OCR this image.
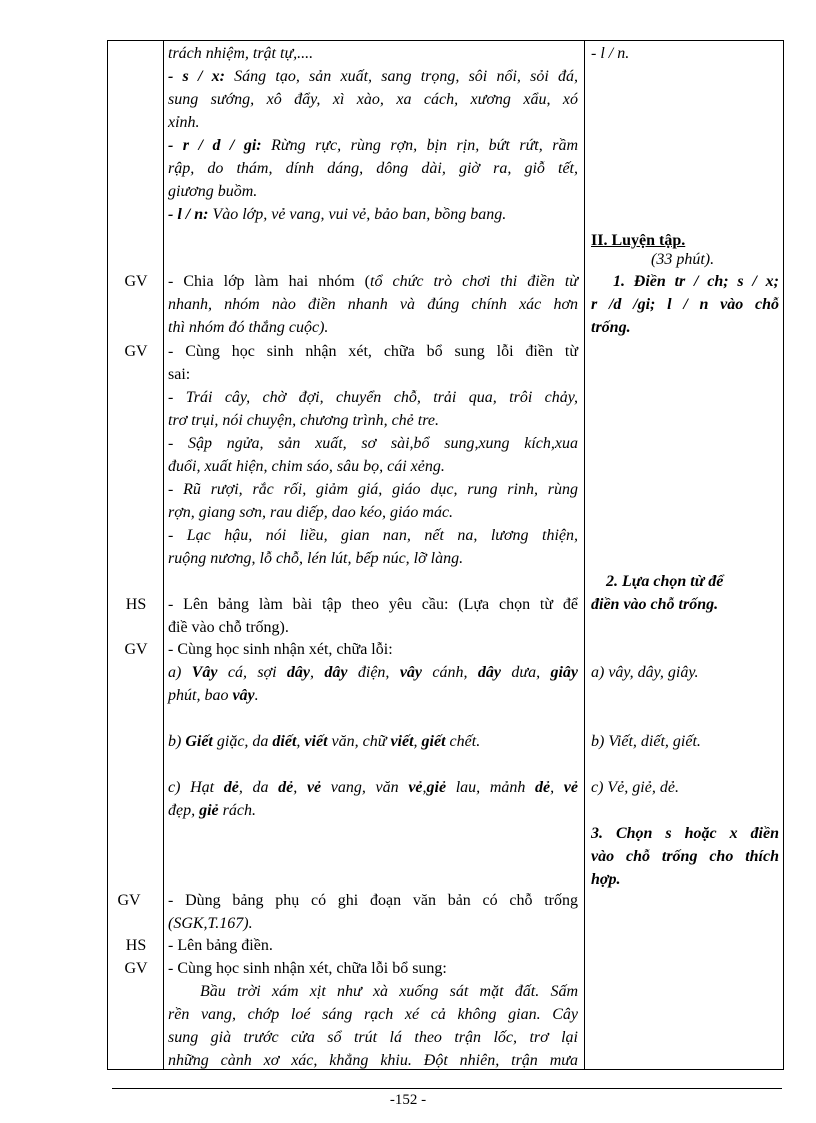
GV
GV
HS
GV
GV
HS
GV
trách nhiệm, trật tự,....
- s / x: Sáng tạo, sản xuất, sang trọng, sôi nổi, sỏi đá,
sung sướng, xô đẩy, xì xào, xa cách, xương xẩu, xó
xỉnh.
- r / d / gi: Rừng rực, rùng rợn, bịn rịn, bứt rứt, rầm
rập, do thám, dính dáng, dông dài, giờ ra, giỗ tết,
giương buồm.
- l / n: Vào lớp, vẻ vang, vui vẻ, bảo ban, bồng bang.
- Chia lớp làm hai nhóm (tổ chức trò chơi thi điền từ
nhanh, nhóm nào điền nhanh và đúng chính xác hơn
thì nhóm đó thắng cuộc).
- Cùng học sinh nhận xét, chữa bổ sung lỗi điền từ
sai:
- Trái cây, chờ đợi, chuyển chỗ, trải qua, trôi chảy,
trơ trụi, nói chuyện, chương trình, chẻ tre.
- Sập ngửa, sản xuất, sơ sài,bổ sung,xung kích,xua
đuổi, xuất hiện, chim sáo, sâu bọ, cái xẻng.
- Rũ rượi, rắc rối, giảm giá, giáo dục, rung rinh, rùng
rợn, giang sơn, rau diếp, dao kéo, giáo mác.
- Lạc hậu, nói liều, gian nan, nết na, lương thiện,
ruộng nương, lỗ chỗ, lén lút, bếp núc, lỡ làng.
- Lên bảng làm bài tập theo yêu cầu: (Lựa chọn từ để
điề vào chỗ trống).
- Cùng học sinh nhận xét, chữa lỗi:
a) Vây cá, sợi dây, dây điện, vây cánh, dây dưa, giây
phút, bao vây.
b) Giết giặc, da diết, viết văn, chữ viết, giết chết.
c) Hạt dẻ, da dẻ, vẻ vang, văn vẻ,giẻ lau, mảnh dẻ, vẻ
đẹp, giẻ rách.
- Dùng bảng phụ có ghi đoạn văn bản có chỗ trống
(SGK,T.167).
- Lên bảng điền.
- Cùng học sinh nhận xét, chữa lỗi bổ sung:
Bầu trời xám xịt như xà xuống sát mặt đất. Sấm
rền vang, chớp loé sáng rạch xé cả không gian. Cây
sung già trước cửa sổ trút lá theo trận lốc, trơ lại
những cành xơ xác, khẳng khiu. Đột nhiên, trận mưa
- l / n.
II. Luyện tập.
(33 phút).
1. Điền tr / ch; s / x;
r /d /gi; l / n vào chỗ
trống.
2. Lựa chọn từ để
điền vào chỗ trống.
a) vây, dây, giây.
b) Viết, diết, giết.
c) Vẻ, giẻ, dẻ.
3. Chọn s hoặc x điền
vào chỗ trống cho thích
hợp.
-152 -
